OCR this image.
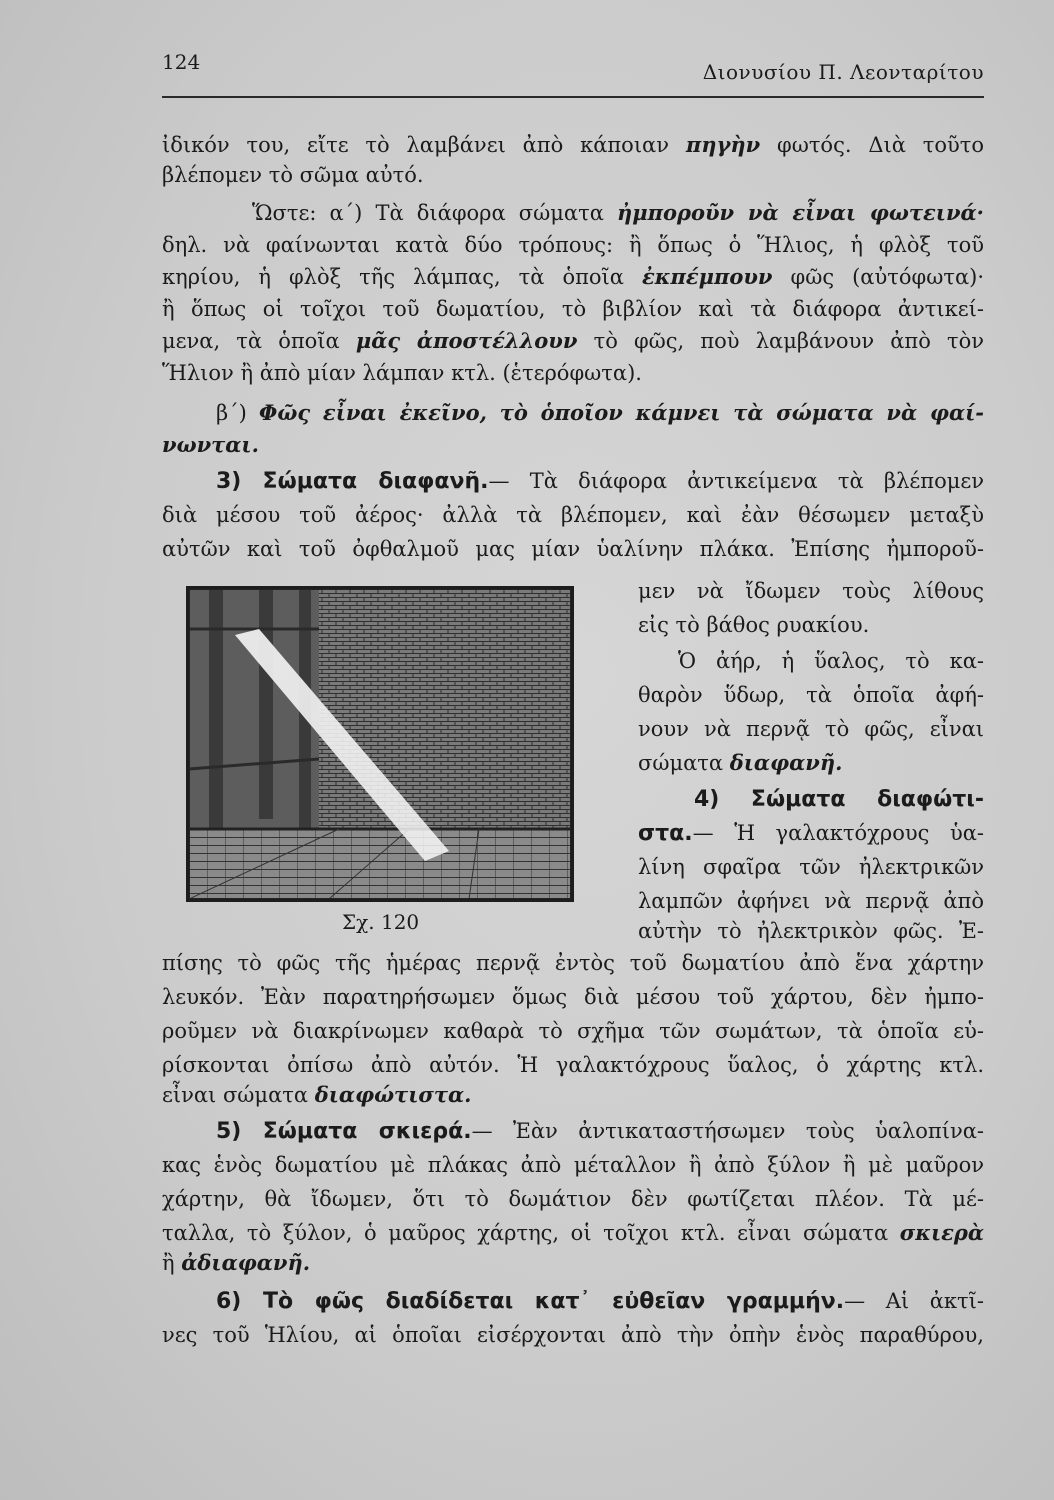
124	Διονυσίου Π. Λεονταρίτου
ἰδικόν του, εἴτε τὸ λαμβάνει ἀπὸ κάποιαν πηγὴν φωτός. Διὰ τοῦτο
βλέπομεν τὸ σῶμα αὐτό.
Ὥστε: α΄) Τὰ διάφορα σώματα ἠμποροῦν νὰ εἶναι φωτεινά·
δηλ. νὰ φαίνωνται κατὰ δύο τρόπους: ἢ ὅπως ὁ Ἥλιος, ἡ φλὸξ τοῦ
κηρίου, ἡ φλὸξ τῆς λάμπας, τὰ ὁποῖα ἐκπέμπουν φῶς (αὐτόφωτα)·
ἢ ὅπως οἱ τοῖχοι τοῦ δωματίου, τὸ βιβλίον καὶ τὰ διάφορα ἀντικεί-
μενα, τὰ ὁποῖα μᾶς ἀποστέλλουν τὸ φῶς, ποὺ λαμβάνουν ἀπὸ τὸν
Ἥλιον ἢ ἀπὸ μίαν λάμπαν κτλ. (ἑτερόφωτα).
β΄) Φῶς εἶναι ἐκεῖνο, τὸ ὁποῖον κάμνει τὰ σώματα νὰ φαί-
νωνται.
3) Σώματα διαφανῆ.— Τὰ διάφορα ἀντικείμενα τὰ βλέπομεν
διὰ μέσου τοῦ ἀέρος· ἀλλὰ τὰ βλέπομεν, καὶ ἐὰν θέσωμεν μεταξὺ
αὐτῶν καὶ τοῦ ὀφθαλμοῦ μας μίαν ὑαλίνην πλάκα. Ἐπίσης ἠμποροῦ-
μεν νὰ ἴδωμεν τοὺς λίθους
εἰς τὸ βάθος ρυακίου.
Ὁ ἀήρ, ἡ ὕαλος, τὸ κα-
θαρὸν ὕδωρ, τὰ ὁποῖα ἀφή-
νουν νὰ περνᾷ τὸ φῶς, εἶναι
σώματα διαφανῆ.
4) Σώματα διαφώτι-
στα.— Ἡ γαλακτόχρους ὑα-
λίνη σφαῖρα τῶν ἠλεκτρικῶν
λαμπῶν ἀφήνει νὰ περνᾷ ἀπὸ
αὐτὴν τὸ ἠλεκτρικὸν φῶς. Ἐ-
Σχ. 120
πίσης τὸ φῶς τῆς ἡμέρας περνᾷ ἐντὸς τοῦ δωματίου ἀπὸ ἕνα χάρτην
λευκόν. Ἐὰν παρατηρήσωμεν ὅμως διὰ μέσου τοῦ χάρτου, δὲν ἠμπο-
ροῦμεν νὰ διακρίνωμεν καθαρὰ τὸ σχῆμα τῶν σωμάτων, τὰ ὁποῖα εὑ-
ρίσκονται ὀπίσω ἀπὸ αὐτόν. Ἡ γαλακτόχρους ὕαλος, ὁ χάρτης κτλ.
εἶναι σώματα διαφώτιστα.
5) Σώματα σκιερά.— Ἐὰν ἀντικαταστήσωμεν τοὺς ὑαλοπίνα-
κας ἑνὸς δωματίου μὲ πλάκας ἀπὸ μέταλλον ἢ ἀπὸ ξύλον ἢ μὲ μαῦρον
χάρτην, θὰ ἴδωμεν, ὅτι τὸ δωμάτιον δὲν φωτίζεται πλέον. Τὰ μέ-
ταλλα, τὸ ξύλον, ὁ μαῦρος χάρτης, οἱ τοῖχοι κτλ. εἶναι σώματα σκιερὰ
ἢ ἀδιαφανῆ.
6) Τὸ φῶς διαδίδεται κατ᾽ εὐθεῖαν γραμμήν.— Αἱ ἀκτῖ-
νες τοῦ Ἡλίου, αἱ ὁποῖαι εἰσέρχονται ἀπὸ τὴν ὀπὴν ἑνὸς παραθύρου,
